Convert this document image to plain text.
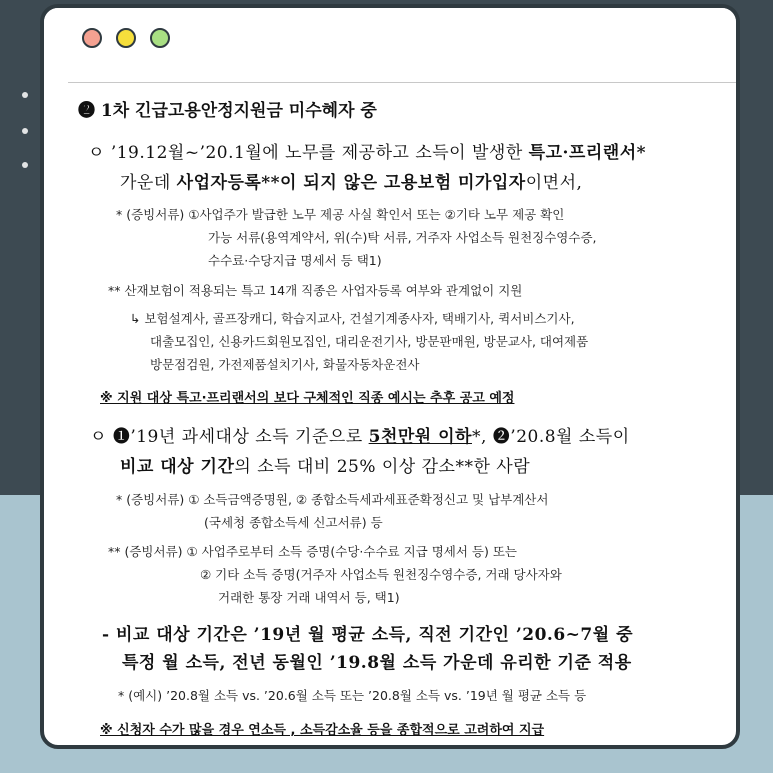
❷ 1차 긴급고용안정지원금 미수혜자 중
ㅇ ’19.12월~’20.1월에 노무를 제공하고 소득이 발생한 특고·프리랜서*
가운데 사업자등록**이 되지 않은 고용보험 미가입자이면서,
* (증빙서류) ①사업주가 발급한 노무 제공 사실 확인서 또는 ②기타 노무 제공 확인
가능 서류(용역계약서, 위(수)탁 서류, 거주자 사업소득 원천징수영수증,
수수료·수당지급 명세서 등 택1)
** 산재보험이 적용되는 특고 14개 직종은 사업자등록 여부와 관계없이 지원
↳ 보험설계사, 골프장캐디, 학습지교사, 건설기계종사자, 택배기사, 퀵서비스기사,
대출모집인, 신용카드회원모집인, 대리운전기사, 방문판매원, 방문교사, 대여제품
방문점검원, 가전제품설치기사, 화물자동차운전사
※ 지원 대상 특고·프리랜서의 보다 구체적인 직종 예시는 추후 공고 예정
ㅇ ❶’19년 과세대상 소득 기준으로 5천만원 이하*, ❷’20.8월 소득이
비교 대상 기간의 소득 대비 25% 이상 감소**한 사람
* (증빙서류) ① 소득금액증명원, ② 종합소득세과세표준확정신고 및 납부계산서
(국세청 종합소득세 신고서류) 등
** (증빙서류) ① 사업주로부터 소득 증명(수당·수수료 지급 명세서 등) 또는
② 기타 소득 증명(거주자 사업소득 원천징수영수증, 거래 당사자와
거래한 통장 거래 내역서 등, 택1)
- 비교 대상 기간은 ’19년 월 평균 소득, 직전 기간인 ’20.6~7월 중
특정 월 소득, 전년 동월인 ’19.8월 소득 가운데 유리한 기준 적용
* (예시) ’20.8월 소득 vs. ’20.6월 소득 또는 ’20.8월 소득 vs. ’19년 월 평균 소득 등
※ 신청자 수가 많을 경우 연소득 , 소득감소율 등을 종합적으로 고려하여 지급
